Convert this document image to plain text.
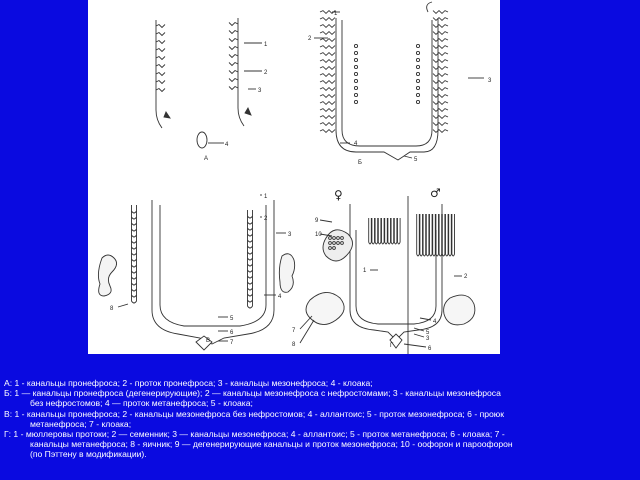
А
Б
В
Г
♀	♂
1
2
3
4
1
2
3
4
5
1
2
3
4
5
6
7
8
1
2
3
4
5
6
7
8
9
10
А: 1 - канальцы пронефроса; 2 - проток пронефроса; 3 - канальцы мезонефроса; 4 - клоака;
Б: 1 — канальцы пронефроса (дегенерирующие); 2 — канальцы мезонефроса с нефростомами; 3 - канальцы мезонефроса
без нефростомов; 4 — проток метанефроса; 5 - клоака;
В: 1 - канальцы пронефроса; 2 - канальцы мезонефроса без нефростомов; 4 - аллантоис; 5 - проток мезонефроса; 6 - проюк
метанефроса; 7 - клоака;
Г: 1 - мюллеровы протоки; 2 — семенник; 3 — канальцы мезонефроса; 4 - аллантоис; 5 - проток метанефроса; 6 - клоака; 7 -
канальцы метанефроса; 8 - яичник; 9 — дегенерирующие канальцы и проток мезонефроса; 10 - оофорон и пароофорон
(по Пэттену в модификации).
